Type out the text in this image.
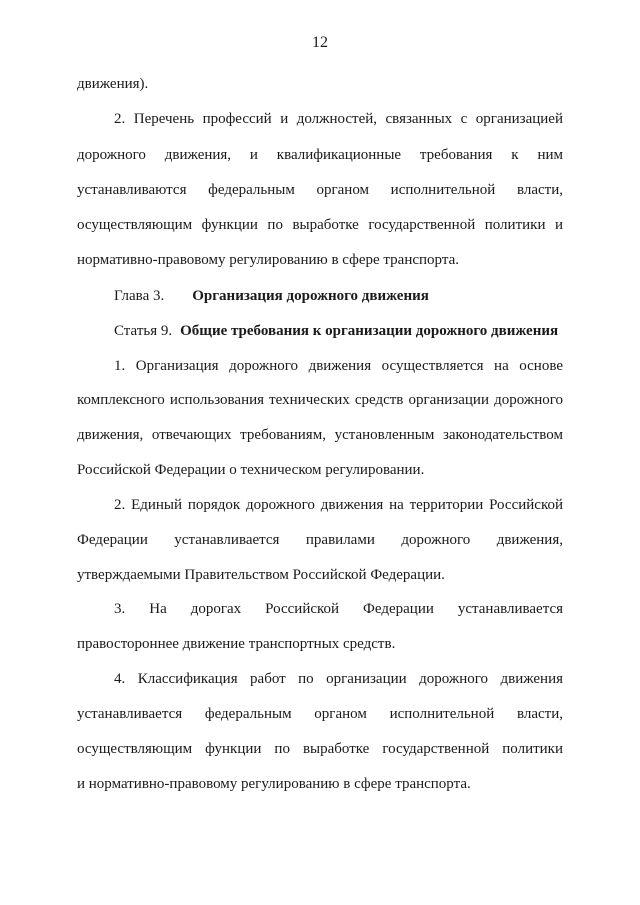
12
движения).
2. Перечень профессий и должностей, связанных с организацией
дорожного движения, и квалификационные требования к ним
устанавливаются федеральным органом исполнительной власти,
осуществляющим функции по выработке государственной политики и
нормативно-правовому регулированию в сфере транспорта.
Глава 3. Организация дорожного движения
Статья 9. Общие требования к организации дорожного движения
1. Организация дорожного движения осуществляется на основе
комплексного использования технических средств организации дорожного
движения, отвечающих требованиям, установленным законодательством
Российской Федерации о техническом регулировании.
2. Единый порядок дорожного движения на территории Российской
Федерации устанавливается правилами дорожного движения,
утверждаемыми Правительством Российской Федерации.
3. На дорогах Российской Федерации устанавливается
правостороннее движение транспортных средств.
4. Классификация работ по организации дорожного движения
устанавливается федеральным органом исполнительной власти,
осуществляющим функции по выработке государственной политики
и нормативно-правовому регулированию в сфере транспорта.
